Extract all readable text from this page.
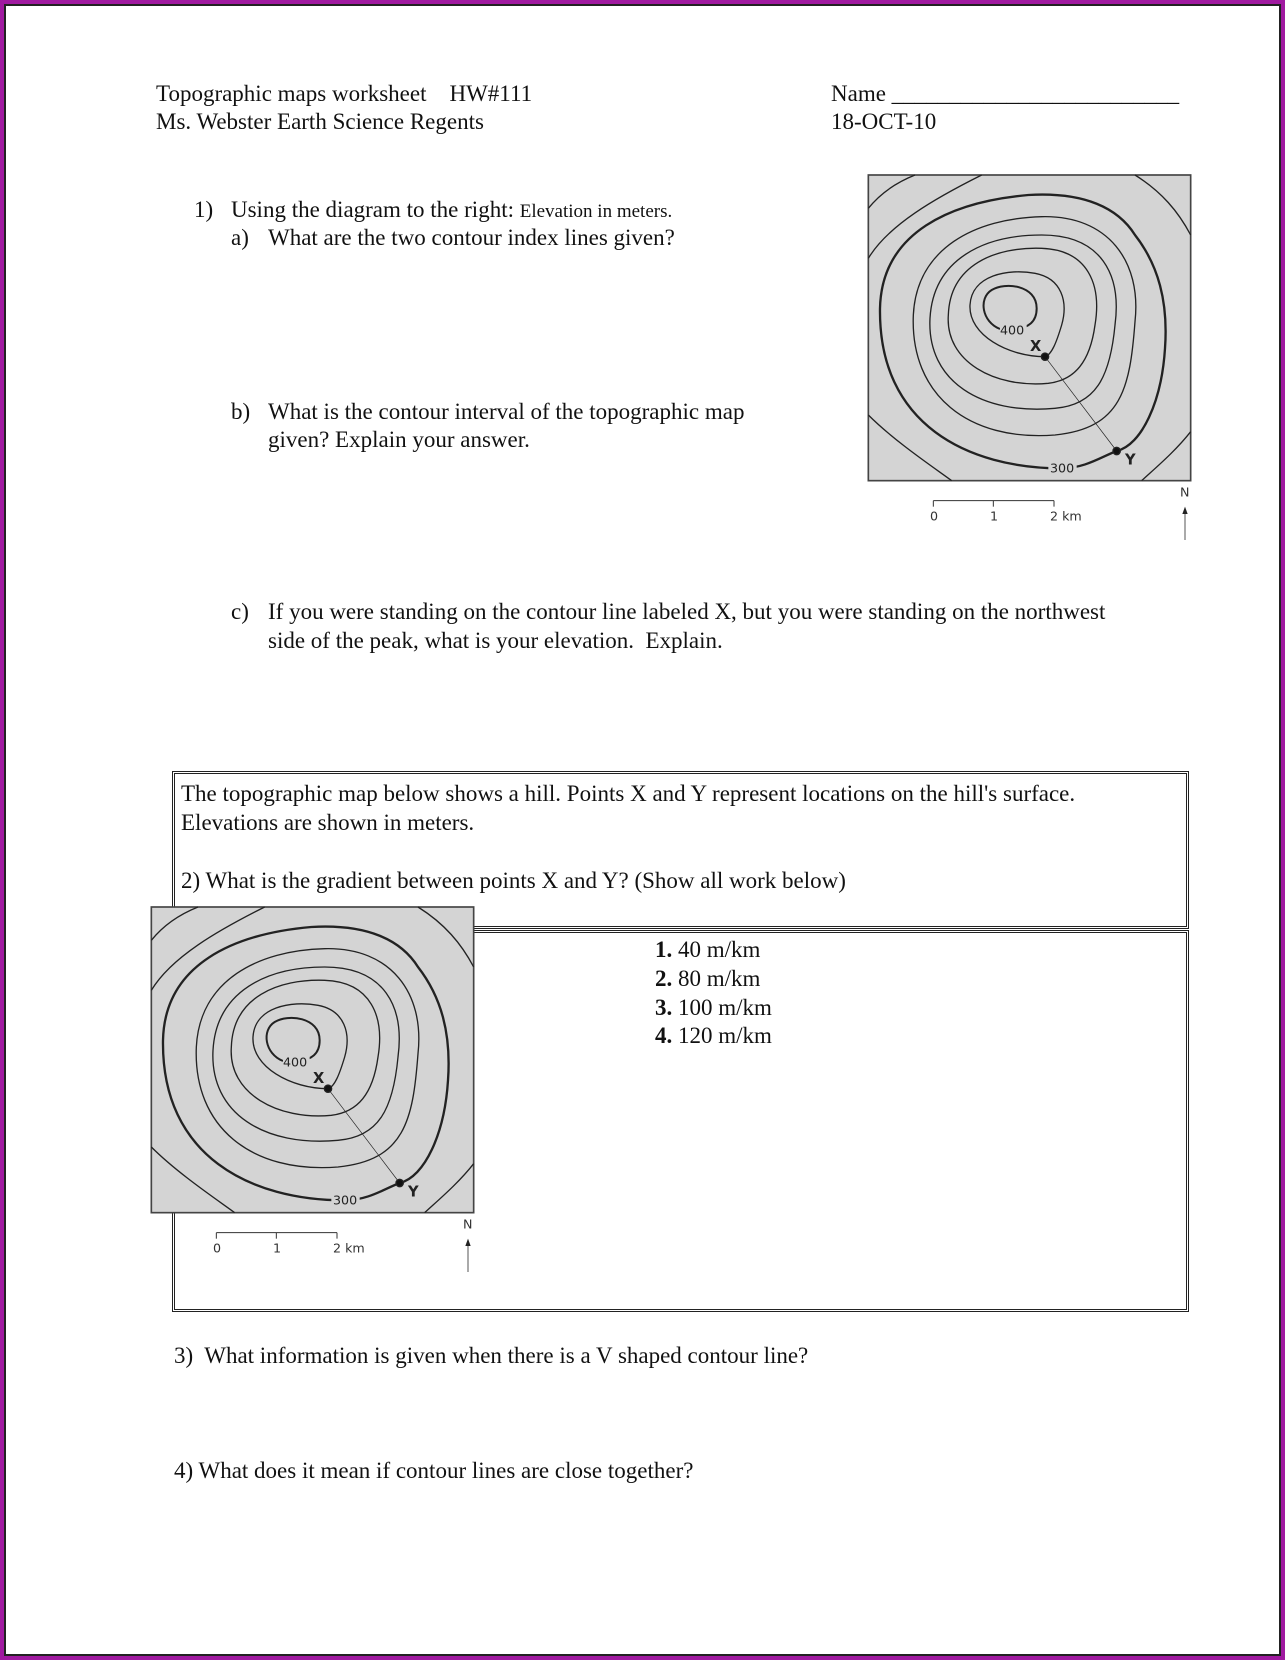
Topographic maps worksheet    HW#111
Ms. Webster Earth Science Regents
Name _________________________
18-OCT-10
1) Using the diagram to the right: Elevation in meters.
a) What are the two contour index lines given?
b) What is the contour interval of the topographic map
given? Explain your answer.
c) If you were standing on the contour line labeled X, but you were standing on the northwest
side of the peak, what is your elevation.  Explain.
400
300
X
Y
0 1 2 km
N
The topographic map below shows a hill. Points X and Y represent locations on the hill's surface.
Elevations are shown in meters.
2) What is the gradient between points X and Y? (Show all work below)
400
300
X
Y
0 1 2 km
N
1. 40 m/km
2. 80 m/km
3. 100 m/km
4. 120 m/km
3)  What information is given when there is a V shaped contour line?
4) What does it mean if contour lines are close together?
